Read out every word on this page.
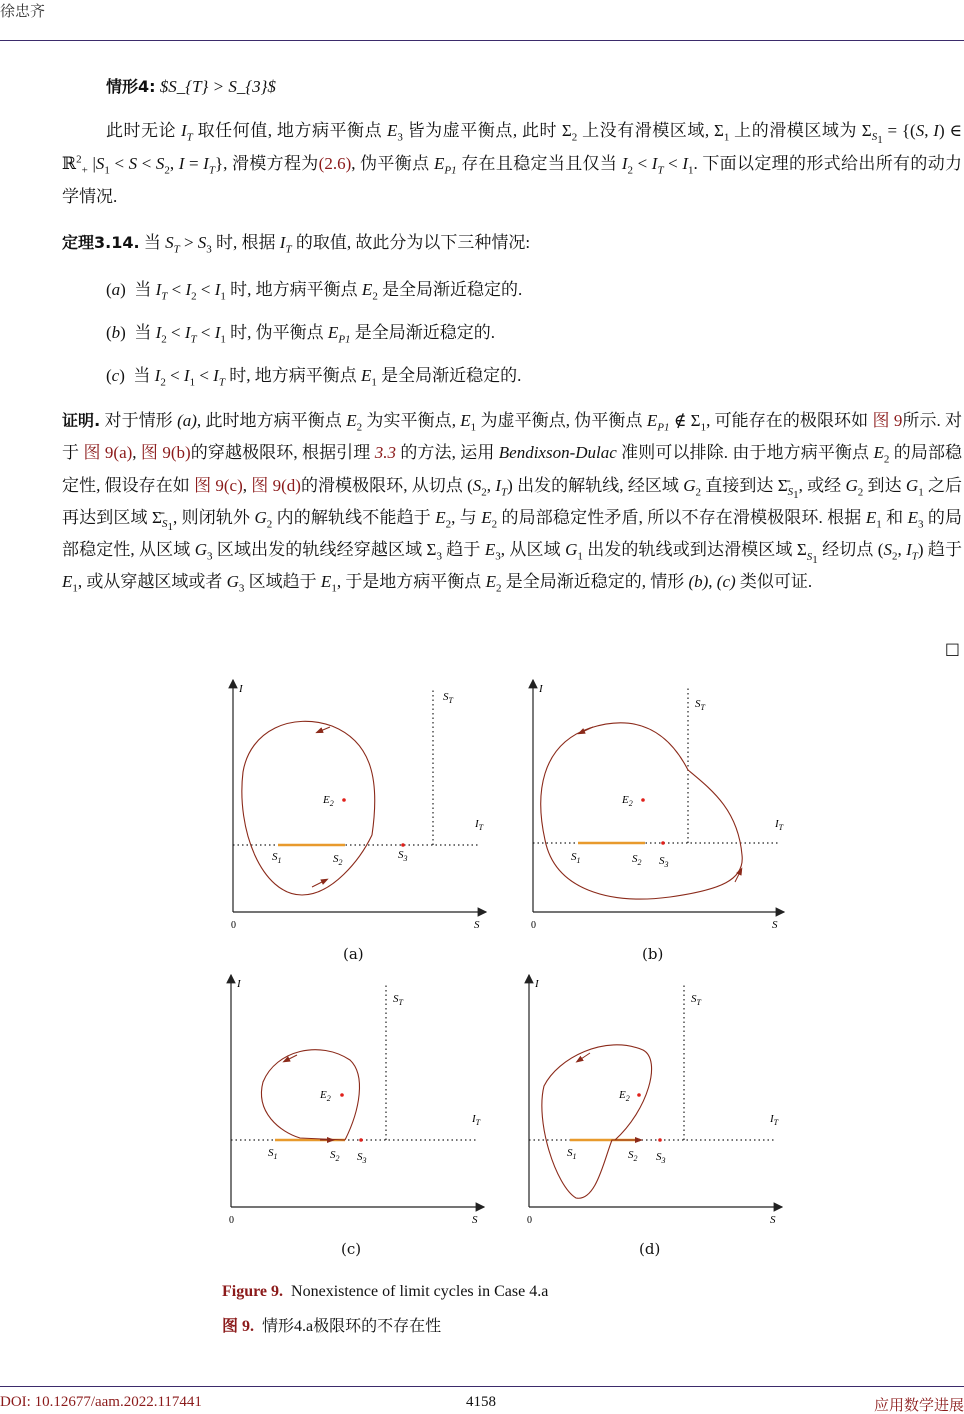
徐忠齐
情形4: $S_{T} > S_{3}$
此时无论 $I_T$ 取任何值, 地方病平衡点 $E_3$ 皆为虚平衡点, 此时 $\Sigma_2$ 上没有滑模区域, $\Sigma_1$ 上的滑模区域为 $\Sigma_{S_1} = \{(S$, I) ∈ ℝ$^2_+$ $|S_1 < S < S_2$, $I = I_T$}, 滑模方程为(2.6), 伪平衡点 $E_{P1}$ 存在且稳定当且仅当 $I_2 < I_T < I_1$. 下面以定理的形式给出所有的动力学情况.
定理3.14. 当 $S_T > S_3$ 时, 根据 $I_T$ 的取值, 故此分为以下三种情况:
(a)  当 $I_T < I_2 < I_1$ 时, 地方病平衡点 $E_2$ 是全局渐近稳定的.
(b)  当 $I_2 < I_T < I_1$ 时, 伪平衡点 $E_{P1}$ 是全局渐近稳定的.
(c)  当 $I_2 < I_1 < I_T$ 时, 地方病平衡点 $E_1$ 是全局渐近稳定的.
证明. 对于情形 (a), 此时地方病平衡点 $E_2$ 为实平衡点, $E_1$ 为虚平衡点, 伪平衡点 $E_{P1}$ ∉ $\Sigma_1$, 可能存在的极限环如 图 9所示. 对于 图 9(a), 图 9(b)的穿越极限环, 根据引理 3.3 的方法, 运用 Bendixson-Dulac 准则可以排除. 由于地方病平衡点 $E_2$ 的局部稳定性, 假设存在如 图 9(c), 图 9(d)的滑模极限环, 从切点 ($S_2$, $I_T$) 出发的解轨线, 经区域 $G_2$ 直接到达 $\Sigmā_{S_1}$, 或经 $G_2$ 到达 $G_1$ 之后再达到区域 $\Sigmā_{S_1}$, 则闭轨外 $G_2$ 内的解轨线不能趋于 $E_2$, 与 $E_2$ 的局部稳定性矛盾, 所以不存在滑模极限环. 根据 $E_1$ 和 $E_3$ 的局部稳定性, 从区域 $G_3$ 区域出发的轨线经穿越区域 $\Sigma_3$ 趋于 $E_3$, 从区域 $G_1$ 出发的轨线或到达滑模区域 $\Sigma_{S_1}$ 经切点 ($S_2$, $I_T$) 趋于 $E_1$, 或从穿越区域或者 $G_3$ 区域趋于 $E_1$, 于是地方病平衡点 $E_2$ 是全局渐近稳定的, 情形 (b), (c) 类似可证.
□
I
S
0
$S_T$
$I_T$
$E_2$
$S_1$	$S_2$
$S_3$
I
S
0
$S_T$
$I_T$
$E_2$
$S_1$	$S_2$ $S_3$
I
S
0
$S_T$
$I_T$
$E_2$
$S_1$	$S_2$ $S_3$
I
S
0
$S_T$
$I_T$
$E_2$
$S_1$	$S_2$ $S_3$
(a)	(b)
(c)	(d)
Figure 9. Nonexistence of limit cycles in Case 4.a
图 9. 情形4.a极限环的不存在性
DOI: 10.12677/aam.2022.117441	4158	应用数学进展
